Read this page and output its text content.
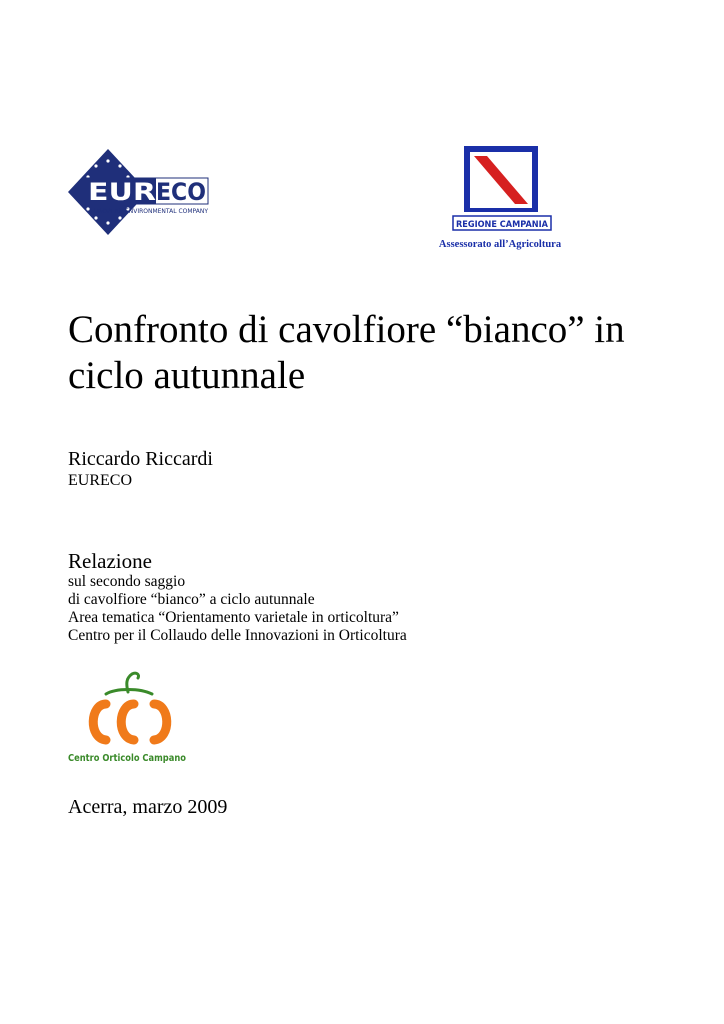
EUR ECO
EUROPEAN ENVIRONMENTAL COMPANY
REGIONE CAMPANIA
Assessorato all’Agricoltura
Confronto di cavolfiore “bianco” in
ciclo autunnale
Riccardo Riccardi
EURECO
Relazione
sul secondo saggio
di cavolfiore “bianco” a ciclo autunnale
Area tematica “Orientamento varietale in orticoltura”
Centro per il Collaudo delle Innovazioni in Orticoltura
Centro Orticolo Campano
Acerra, marzo 2009
